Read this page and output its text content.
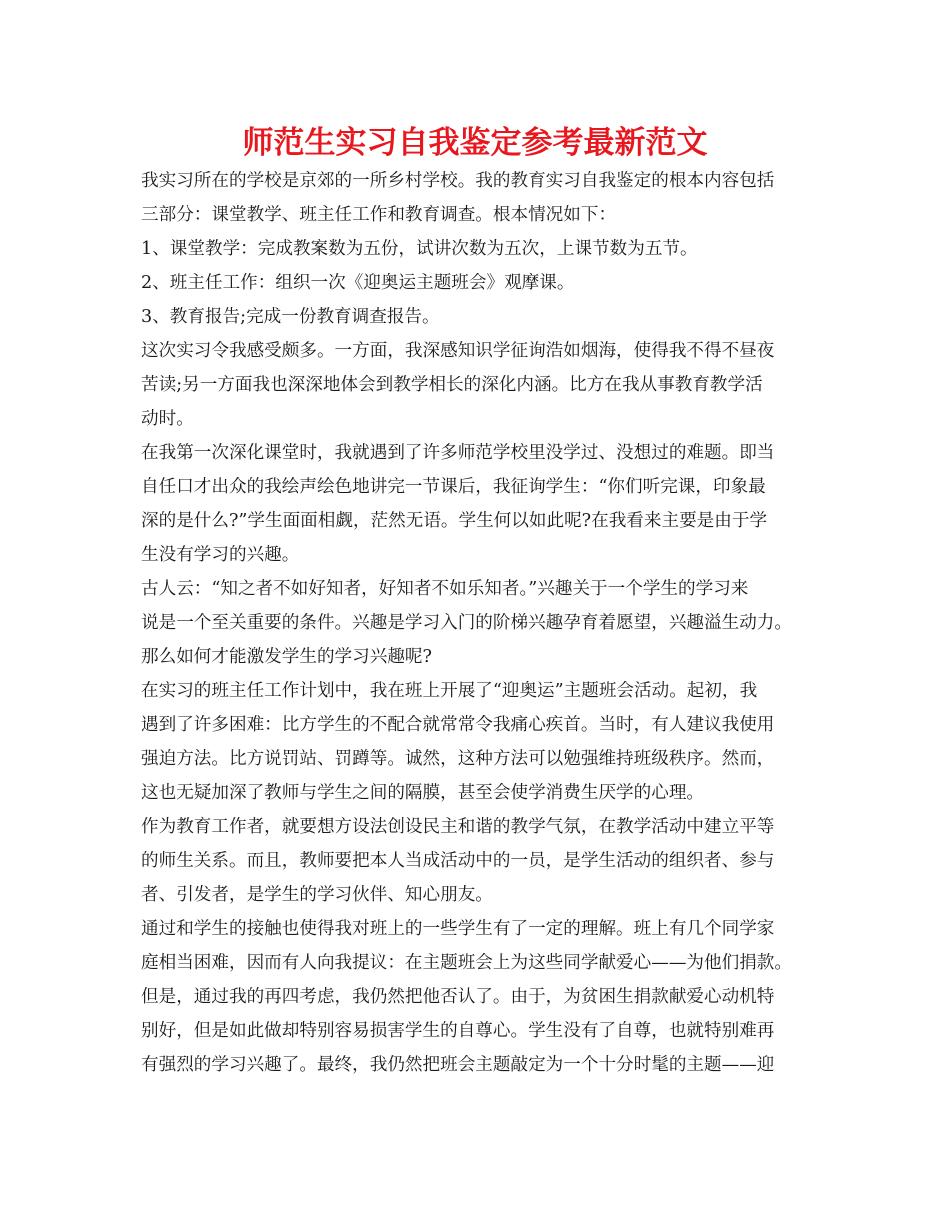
师范生实习自我鉴定参考最新范文
我实习所在的学校是京郊的一所乡村学校。我的教育实习自我鉴定的根本内容包括
三部分：课堂教学、班主任工作和教育调查。根本情况如下：
1、课堂教学：完成教案数为五份，试讲次数为五次，上课节数为五节。
2、班主任工作：组织一次《迎奥运主题班会》观摩课。
3、教育报告;完成一份教育调查报告。
这次实习令我感受颇多。一方面，我深感知识学征询浩如烟海，使得我不得不昼夜
苦读;另一方面我也深深地体会到教学相长的深化内涵。比方在我从事教育教学活
动时。
在我第一次深化课堂时，我就遇到了许多师范学校里没学过、没想过的难题。即当
自任口才出众的我绘声绘色地讲完一节课后，我征询学生：“你们听完课，印象最
深的是什么?”学生面面相觑，茫然无语。学生何以如此呢?在我看来主要是由于学
生没有学习的兴趣。
古人云：“知之者不如好知者，好知者不如乐知者。”兴趣关于一个学生的学习来
说是一个至关重要的条件。兴趣是学习入门的阶梯兴趣孕育着愿望，兴趣溢生动力。
那么如何才能激发学生的学习兴趣呢?
在实习的班主任工作计划中，我在班上开展了“迎奥运”主题班会活动。起初，我
遇到了许多困难：比方学生的不配合就常常令我痛心疾首。当时，有人建议我使用
强迫方法。比方说罚站、罚蹲等。诚然，这种方法可以勉强维持班级秩序。然而，
这也无疑加深了教师与学生之间的隔膜，甚至会使学消费生厌学的心理。
作为教育工作者，就要想方设法创设民主和谐的教学气氛，在教学活动中建立平等
的师生关系。而且，教师要把本人当成活动中的一员，是学生活动的组织者、参与
者、引发者，是学生的学习伙伴、知心朋友。
通过和学生的接触也使得我对班上的一些学生有了一定的理解。班上有几个同学家
庭相当困难，因而有人向我提议：在主题班会上为这些同学献爱心——为他们捐款。
但是，通过我的再四考虑，我仍然把他否认了。由于，为贫困生捐款献爱心动机特
别好，但是如此做却特别容易损害学生的自尊心。学生没有了自尊，也就特别难再
有强烈的学习兴趣了。最终，我仍然把班会主题敲定为一个十分时髦的主题——迎
